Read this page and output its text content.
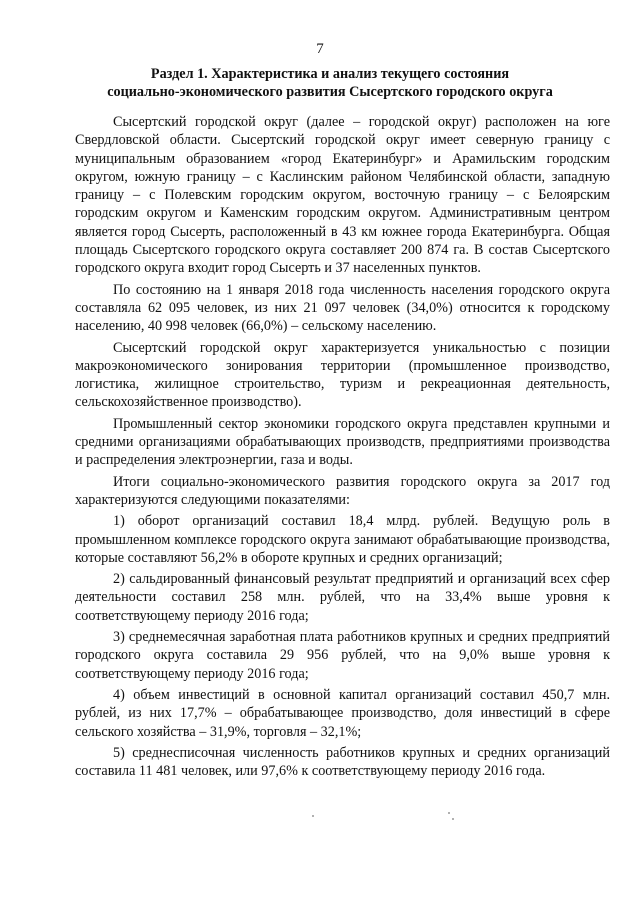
7
Раздел 1. Характеристика и анализ текущего состояния
социально-экономического развития Сысертского городского округа

Сысертский городской округ (далее – городской округ) расположен на юге Свердловской области. Сысертский городской округ имеет северную границу с муниципальным образованием «город Екатеринбург» и Арамильским городским округом, южную границу – с Каслинским районом Челябинской области, западную границу – с Полевским городским округом, восточную границу – с Белоярским городским округом и Каменским городским округом. Административным центром является город Сысерть, расположенный в 43 км южнее города Екатеринбурга. Общая площадь Сысертского городского округа составляет 200 874 га. В состав Сысертского городского округа входит город Сысерть и 37 населенных пунктов.

По состоянию на 1 января 2018 года численность населения городского округа составляла 62 095 человек, из них 21 097 человек (34,0%) относится к городскому населению, 40 998 человек (66,0%) – сельскому населению.

Сысертский городской округ характеризуется уникальностью с позиции макроэкономического зонирования территории (промышленное производство, логистика, жилищное строительство, туризм и рекреационная деятельность, сельскохозяйственное производство).

Промышленный сектор экономики городского округа представлен крупными и средними организациями обрабатывающих производств, предприятиями производства и распределения электроэнергии, газа и воды.

Итоги социально-экономического развития городского округа за 2017 год характеризуются следующими показателями:

1) оборот организаций составил 18,4 млрд. рублей. Ведущую роль в промышленном комплексе городского округа занимают обрабатывающие производства, которые составляют 56,2% в обороте крупных и средних организаций;

2) сальдированный финансовый результат предприятий и организаций всех сфер деятельности составил 258 млн. рублей, что на 33,4% выше уровня к соответствующему периоду 2016 года;

3) среднемесячная заработная плата работников крупных и средних предприятий городского округа составила 29 956 рублей, что на 9,0% выше уровня к соответствующему периоду 2016 года;

4) объем инвестиций в основной капитал организаций составил 450,7 млн. рублей, из них 17,7% – обрабатывающее производство, доля инвестиций в сфере сельского хозяйства – 31,9%, торговля – 32,1%;

5) среднесписочная численность работников крупных и средних организаций составила 11 481 человек, или 97,6% к соответствующему периоду 2016 года.
